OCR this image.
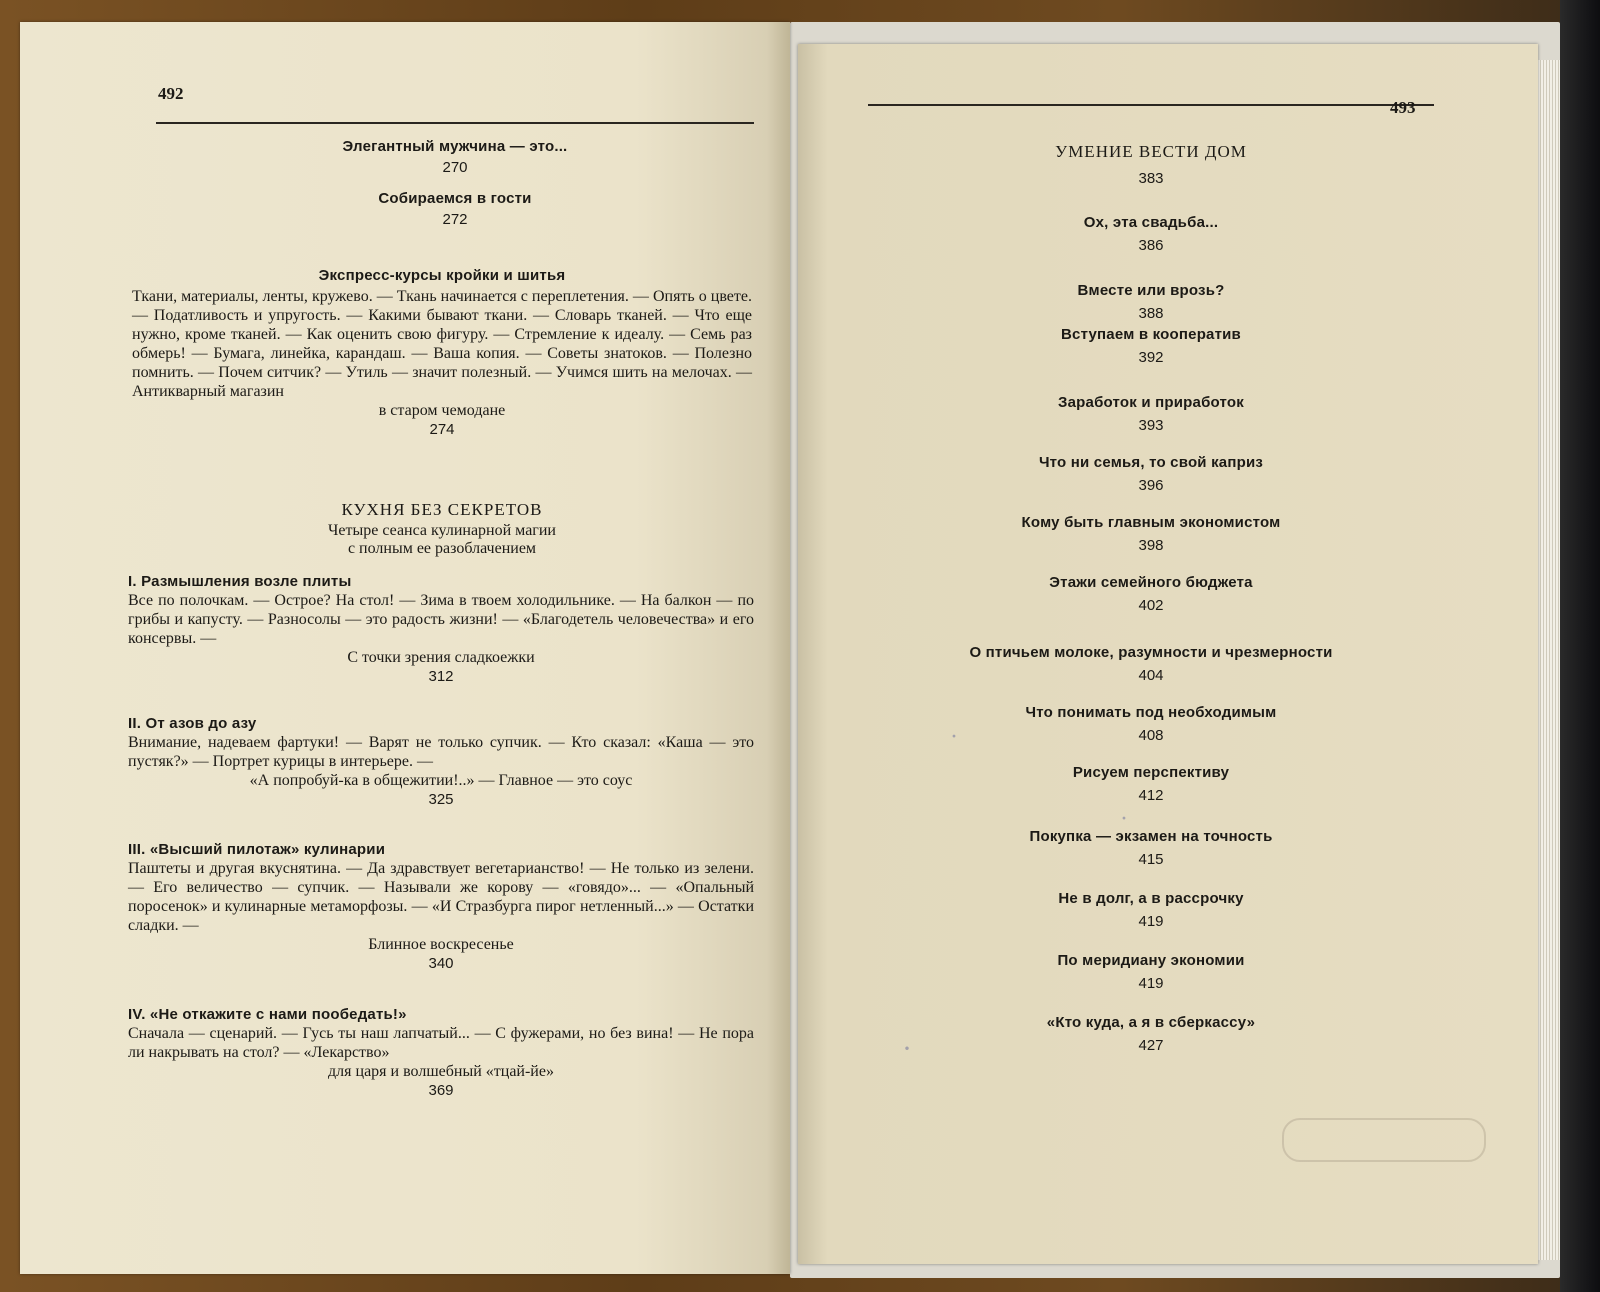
492
Элегантный мужчина — это...
270
Собираемся в гости
272
Экспресс-курсы кройки и шитья
Ткани, материалы, ленты, кружево. — Ткань начинается с переплетения. — Опять о цвете. — Податливость и упругость. — Какими бывают ткани. — Словарь тканей. — Что еще нужно, кроме тканей. — Как оценить свою фигуру. — Стремление к идеалу. — Семь раз обмерь! — Бумага, линейка, карандаш. — Ваша копия. — Советы знатоков. — Полезно помнить. — Почем ситчик? — Утиль — значит полезный. — Учимся шить на мелочах. — Антикварный магазин
в старом чемодане
274
КУХНЯ БЕЗ СЕКРЕТОВ
Четыре сеанса кулинарной магии
с полным ее разоблачением
I. Размышления возле плиты
Все по полочкам. — Острое? На стол! — Зима в твоем холодильнике. — На балкон — по грибы и капусту. — Разносолы — это радость жизни! — «Благодетель человечества» и его консервы. —
С точки зрения сладкоежки
312
II. От азов до азу
Внимание, надеваем фартуки! — Варят не только супчик. — Кто сказал: «Каша — это пустяк?» — Портрет курицы в интерьере. —
«А попробуй-ка в общежитии!..» — Главное — это соус
325
III. «Высший пилотаж» кулинарии
Паштеты и другая вкуснятина. — Да здравствует вегетарианство! — Не только из зелени. — Его величество — супчик. — Называли же корову — «говядо»... — «Опальный поросенок» и кулинарные метаморфозы. — «И Стразбурга пирог нетленный...» — Остатки сладки. —
Блинное воскресенье
340
IV. «Не откажите с нами пообедать!»
Сначала — сценарий. — Гусь ты наш лапчатый... — С фужерами, но без вина! — Не пора ли накрывать на стол? — «Лекарство»
для царя и волшебный «тцай-йе»
369
493
УМЕНИЕ ВЕСТИ ДОМ
383
Ох, эта свадьба...
386
Вместе или врозь?
388
Вступаем в кооператив
392
Заработок и приработок
393
Что ни семья, то свой каприз
396
Кому быть главным экономистом
398
Этажи семейного бюджета
402
О птичьем молоке, разумности и чрезмерности
404
Что понимать под необходимым
408
Рисуем перспективу
412
Покупка — экзамен на точность
415
Не в долг, а в рассрочку
419
По меридиану экономии
419
«Кто куда, а я в сберкассу»
427
·
·
·
